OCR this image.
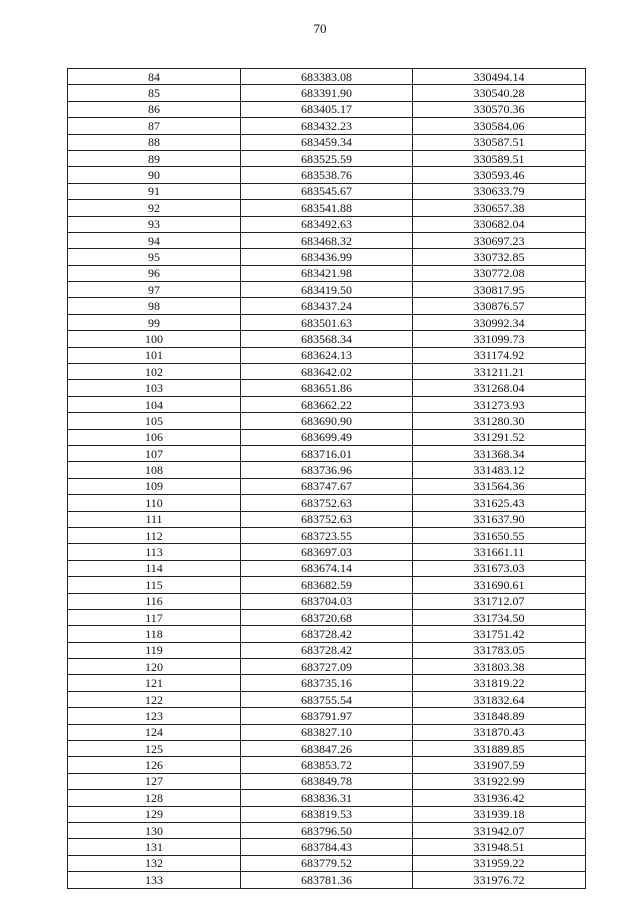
70
84	683383.08	330494.14
85	683391.90	330540.28
86	683405.17	330570.36
87	683432.23	330584.06
88	683459.34	330587.51
89	683525.59	330589.51
90	683538.76	330593.46
91	683545.67	330633.79
92	683541.88	330657.38
93	683492.63	330682.04
94	683468.32	330697.23
95	683436.99	330732.85
96	683421.98	330772.08
97	683419.50	330817.95
98	683437.24	330876.57
99	683501.63	330992.34
100	683568.34	331099.73
101	683624.13	331174.92
102	683642.02	331211.21
103	683651.86	331268.04
104	683662.22	331273.93
105	683690.90	331280.30
106	683699.49	331291.52
107	683716.01	331368.34
108	683736.96	331483.12
109	683747.67	331564.36
110	683752.63	331625.43
111	683752.63	331637.90
112	683723.55	331650.55
113	683697.03	331661.11
114	683674.14	331673.03
115	683682.59	331690.61
116	683704.03	331712.07
117	683720.68	331734.50
118	683728.42	331751.42
119	683728.42	331783.05
120	683727.09	331803.38
121	683735.16	331819.22
122	683755.54	331832.64
123	683791.97	331848.89
124	683827.10	331870.43
125	683847.26	331889.85
126	683853.72	331907.59
127	683849.78	331922.99
128	683836.31	331936.42
129	683819.53	331939.18
130	683796.50	331942.07
131	683784.43	331948.51
132	683779.52	331959.22
133	683781.36	331976.72
